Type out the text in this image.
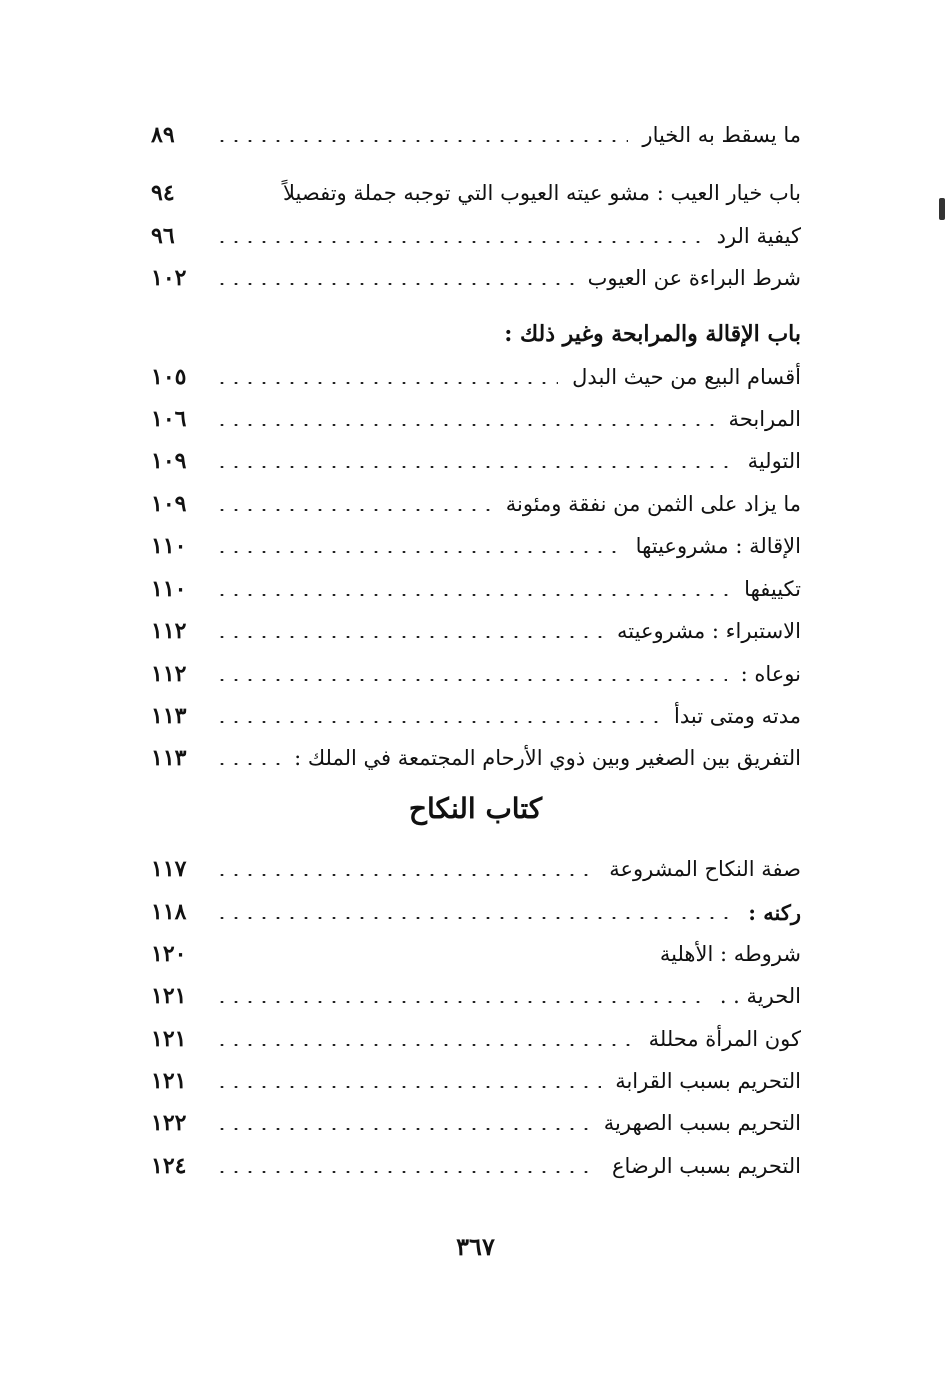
ما يسقط به الخيار
٨٩
باب خيار العيب : مشو عيته العيوب التي توجبه جملة وتفصيلاً
٩٤
كيفية الرد
٩٦
شرط البراءة عن العيوب
١٠٢
باب الإقالة والمرابحة وغير ذلك :
أقسام البيع من حيث البدل
١٠٥
المرابحة
١٠٦
التولية
١٠٩
ما يزاد على الثمن من نفقة ومئونة
١٠٩
الإقالة : مشروعيتها
١١٠
تكييفها
١١٠
الاستبراء : مشروعيته
١١٢
نوعاه :
١١٢
مدته ومتى تبدأ
١١٣
التفريق بين الصغير وبين ذوي الأرحام المجتمعة في الملك :
١١٣
كتاب النكاح
صفة النكاح المشروعة
١١٧
ركنه :
١١٨
شروطه : الأهلية
١٢٠
الحرية . .
١٢١
كون المرأة محللة
١٢١
التحريم بسبب القرابة
١٢١
التحريم بسبب الصهرية
١٢٢
التحريم بسبب الرضاع
١٢٤
٣٦٧
